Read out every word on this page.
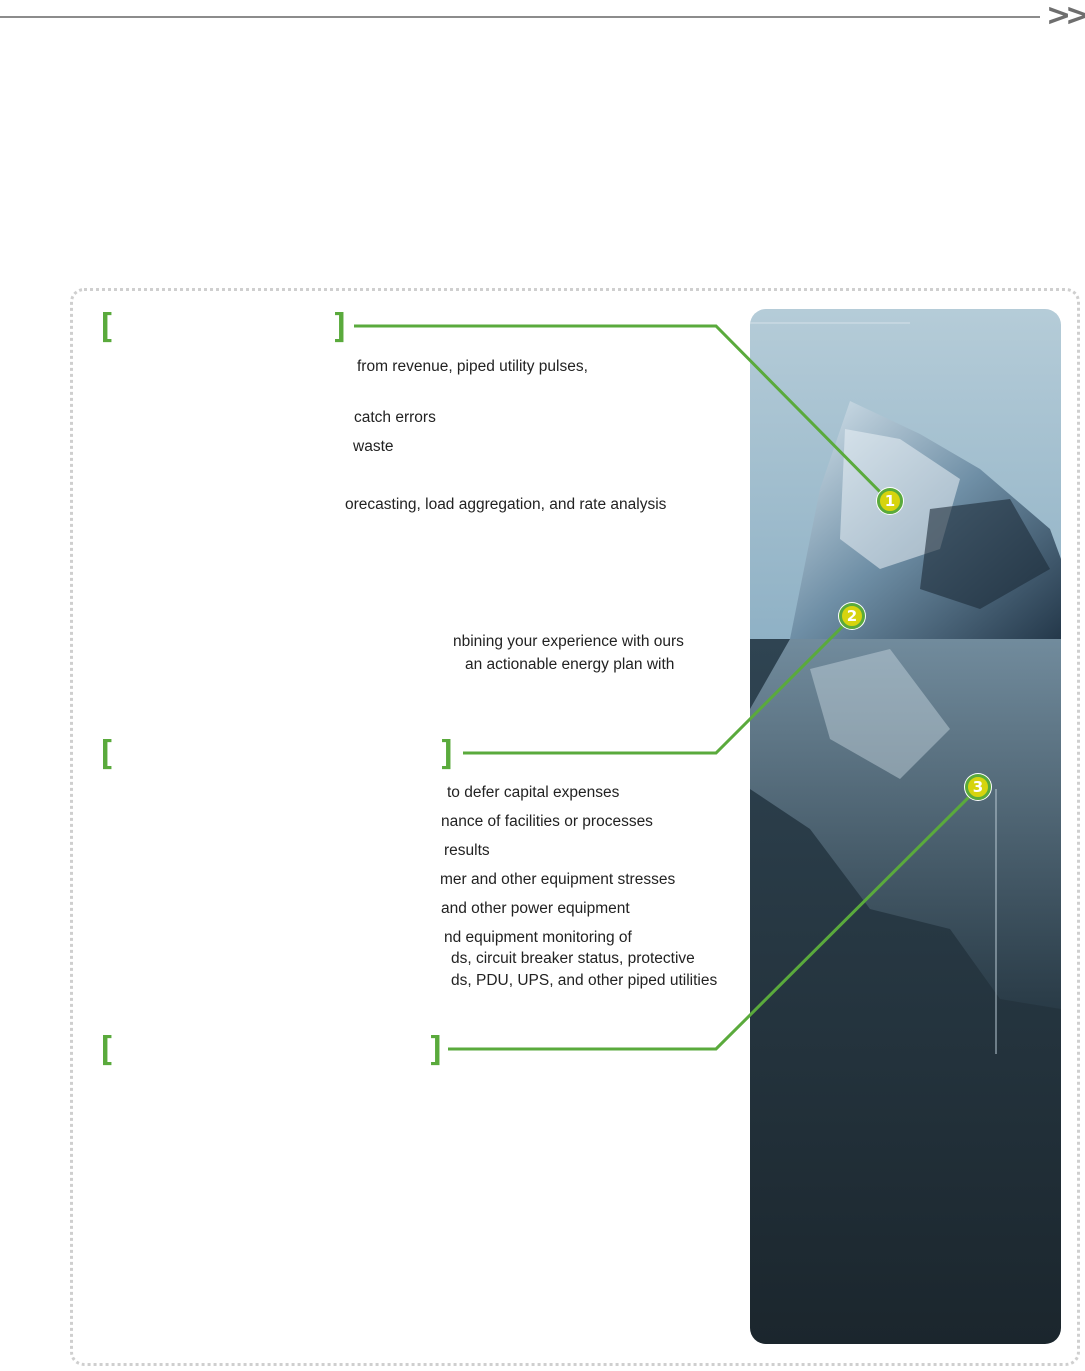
>>
[	]
[	]
[	]
from revenue, piped utility pulses,
catch errors
waste
orecasting, load aggregation, and rate analysis
nbining your experience with ours
an actionable energy plan with
to defer capital expenses
nance of facilities or processes
results
mer and other equipment stresses
and other power equipment
nd equipment monitoring of
ds, circuit breaker status, protective
ds, PDU, UPS, and other piped utilities
1
2
3
